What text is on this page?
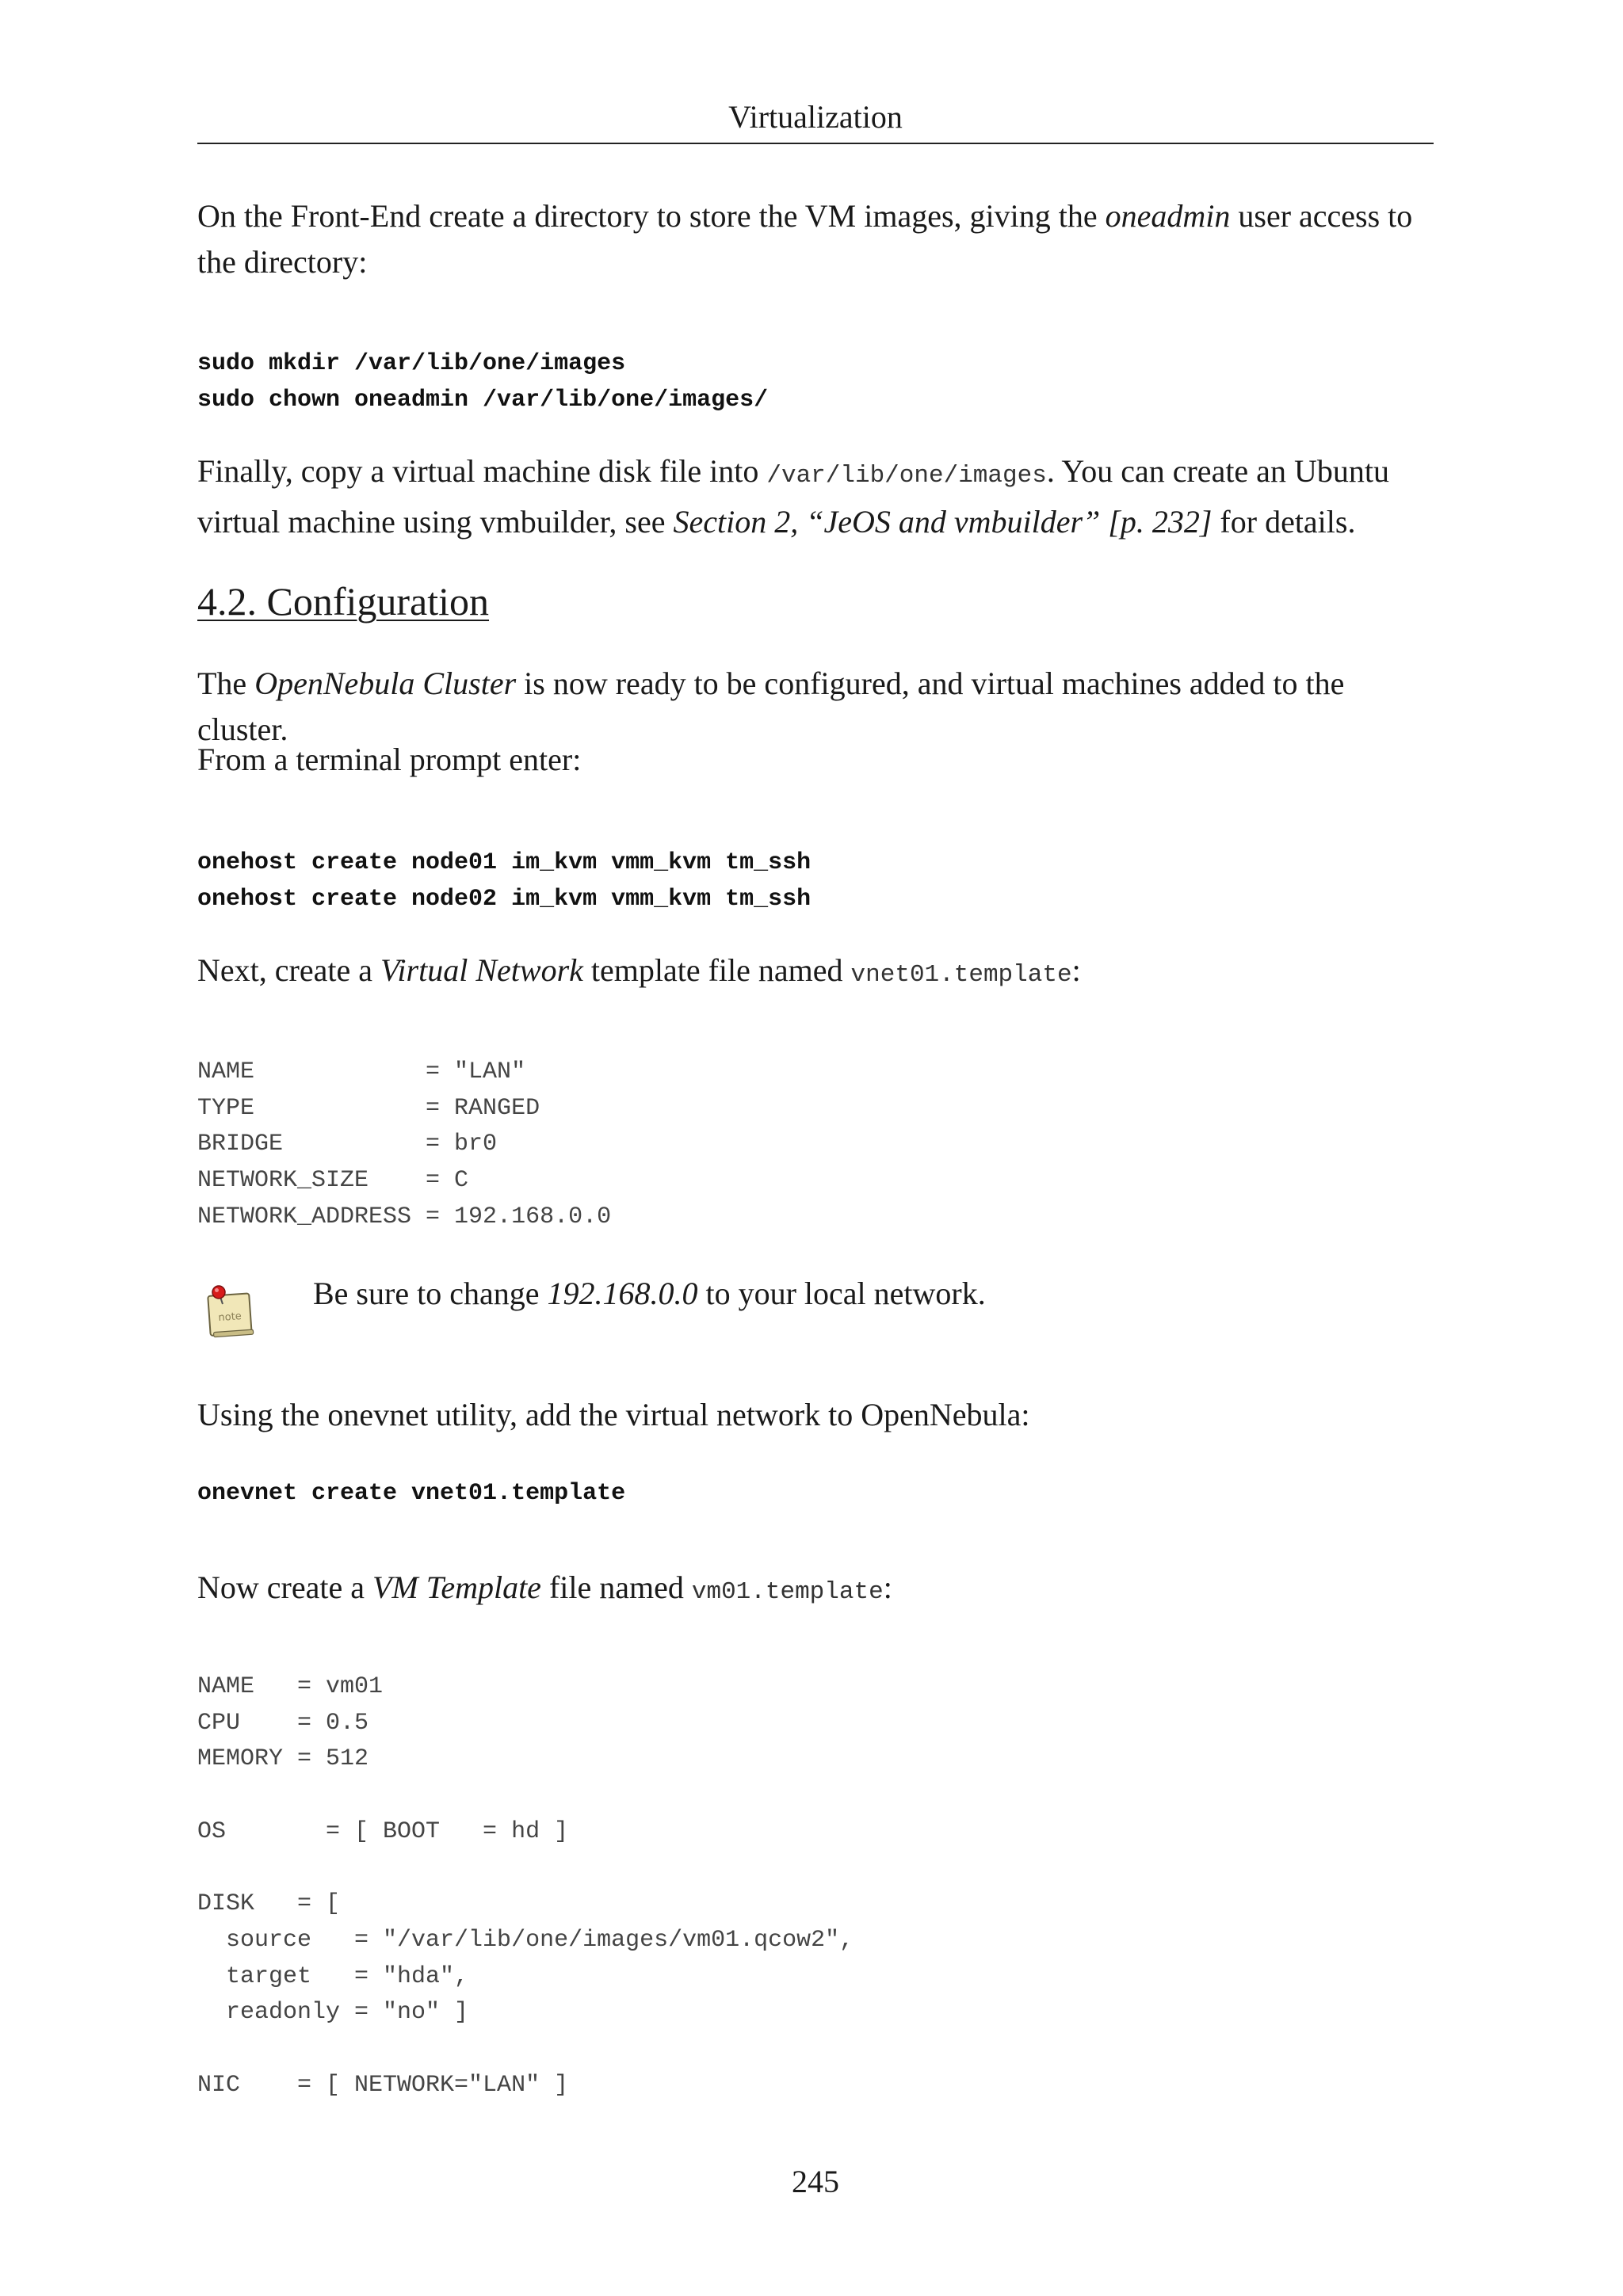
Virtualization
On the Front-End create a directory to store the VM images, giving the oneadmin user access to the directory:
sudo mkdir /var/lib/one/images
sudo chown oneadmin /var/lib/one/images/
Finally, copy a virtual machine disk file into /var/lib/one/images. You can create an Ubuntu virtual machine using vmbuilder, see Section 2, “JeOS and vmbuilder” [p. 232] for details.
4.2. Configuration
The OpenNebula Cluster is now ready to be configured, and virtual machines added to the cluster.
From a terminal prompt enter:
onehost create node01 im_kvm vmm_kvm tm_ssh
onehost create node02 im_kvm vmm_kvm tm_ssh
Next, create a Virtual Network template file named vnet01.template:
NAME            = "LAN"
TYPE            = RANGED
BRIDGE          = br0
NETWORK_SIZE    = C
NETWORK_ADDRESS = 192.168.0.0
note
Be sure to change 192.168.0.0 to your local network.
Using the onevnet utility, add the virtual network to OpenNebula:
onevnet create vnet01.template
Now create a VM Template file named vm01.template:
NAME   = vm01
CPU    = 0.5
MEMORY = 512

OS       = [ BOOT   = hd ]

DISK   = [
source   = "/var/lib/one/images/vm01.qcow2",
target   = "hda",
readonly = "no" ]

NIC    = [ NETWORK="LAN" ]
245
